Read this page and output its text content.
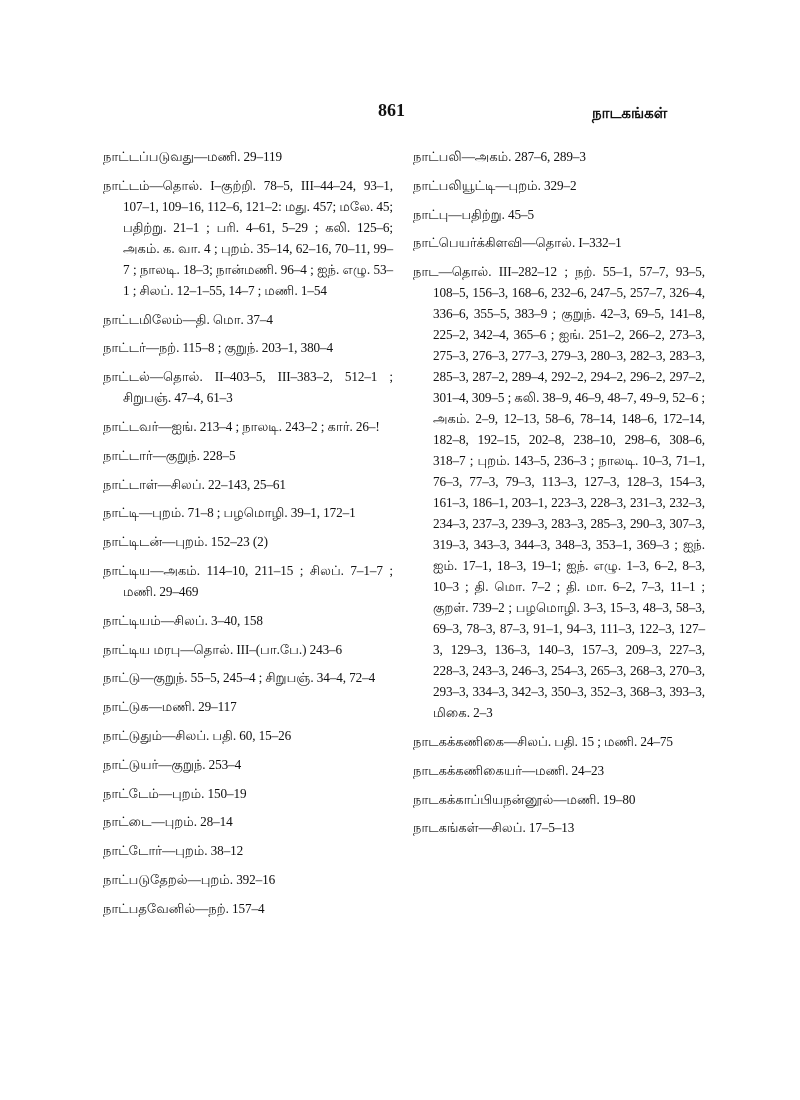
861	நாடகங்கள்

நாட்டப்படுவது—மணி. 29–119

நாட்டம்—தொல். I–குற்றி. 78–5, III–44–24, 93–1, 107–1, 109–16, 112–6, 121–2: மது. 457; மலே. 45; பதிற்று. 21–1 ; பரி. 4–61, 5–29 ; கலி. 125–6; அகம். க. வா. 4 ; புறம். 35–14, 62–16, 70–11, 99–7 ; நாலடி. 18–3; நான்மணி. 96–4 ; ஐந். எழு. 53–1 ; சிலப். 12–1–55, 14–7 ; மணி. 1–54

நாட்டமிலேம்—தி. மொ. 37–4

நாட்டர்—நற். 115–8 ; குறுந். 203–1, 380–4

நாட்டல்—தொல். II–403–5, III–383–2, 512–1 ; சிறுபஞ். 47–4, 61–3

நாட்டவர்—ஐங். 213–4 ; நாலடி. 243–2 ; கார். 26–!

நாட்டார்—குறுந். 228–5

நாட்டாள்—சிலப். 22–143, 25–61

நாட்டி—புறம். 71–8 ; பழமொழி. 39–1, 172–1

நாட்டிடன்—புறம். 152–23 (2)

நாட்டிய—அகம். 114–10, 211–15 ; சிலப். 7–1–7 ; மணி. 29–469

நாட்டியம்—சிலப். 3–40, 158

நாட்டிய மரபு—தொல். III–(பா.பே.) 243–6

நாட்டு—குறுந். 55–5, 245–4 ; சிறுபஞ். 34–4, 72–4

நாட்டுக—மணி. 29–117

நாட்டுதும்—சிலப். பதி. 60, 15–26

நாட்டுயர்—குறுந். 253–4

நாட்டேம்—புறம். 150–19

நாட்டை—புறம். 28–14

நாட்டோர்—புறம். 38–12

நாட்படுதேறல்—புறம். 392–16

நாட்பதவேனில்—நற். 157–4

நாட்பலி—அகம். 287–6, 289–3

நாட்பலியூட்டி—புறம். 329–2

நாட்பு—பதிற்று. 45–5

நாட்பெயர்க்கிளவி—தொல். I–332–1

நாட—தொல். III–282–12 ; நற். 55–1, 57–7, 93–5, 108–5, 156–3, 168–6, 232–6, 247–5, 257–7, 326–4, 336–6, 355–5, 383–9 ; குறுந். 42–3, 69–5, 141–8, 225–2, 342–4, 365–6 ; ஐங். 251–2, 266–2, 273–3, 275–3, 276–3, 277–3, 279–3, 280–3, 282–3, 283–3, 285–3, 287–2, 289–4, 292–2, 294–2, 296–2, 297–2, 301–4, 309–5 ; கலி. 38–9, 46–9, 48–7, 49–9, 52–6 ; அகம். 2–9, 12–13, 58–6, 78–14, 148–6, 172–14, 182–8, 192–15, 202–8, 238–10, 298–6, 308–6, 318–7 ; புறம். 143–5, 236–3 ; நாலடி. 10–3, 71–1, 76–3, 77–3, 79–3, 113–3, 127–3, 128–3, 154–3, 161–3, 186–1, 203–1, 223–3, 228–3, 231–3, 232–3, 234–3, 237–3, 239–3, 283–3, 285–3, 290–3, 307–3, 319–3, 343–3, 344–3, 348–3, 353–1, 369–3 ; ஐந். ஐம். 17–1, 18–3, 19–1; ஐந். எழு. 1–3, 6–2, 8–3, 10–3 ; தி. மொ. 7–2 ; தி. மா. 6–2, 7–3, 11–1 ; குறள். 739–2 ; பழமொழி. 3–3, 15–3, 48–3, 58–3, 69–3, 78–3, 87–3, 91–1, 94–3, 111–3, 122–3, 127–3, 129–3, 136–3, 140–3, 157–3, 209–3, 227–3, 228–3, 243–3, 246–3, 254–3, 265–3, 268–3, 270–3, 293–3, 334–3, 342–3, 350–3, 352–3, 368–3, 393–3, மிகை. 2–3

நாடகக்கணிகை—சிலப். பதி. 15 ; மணி. 24–75

நாடகக்கணிகையர்—மணி. 24–23

நாடகக்காப்பியநன்னூல்—மணி. 19–80

நாடகங்கள்—சிலப். 17–5–13
